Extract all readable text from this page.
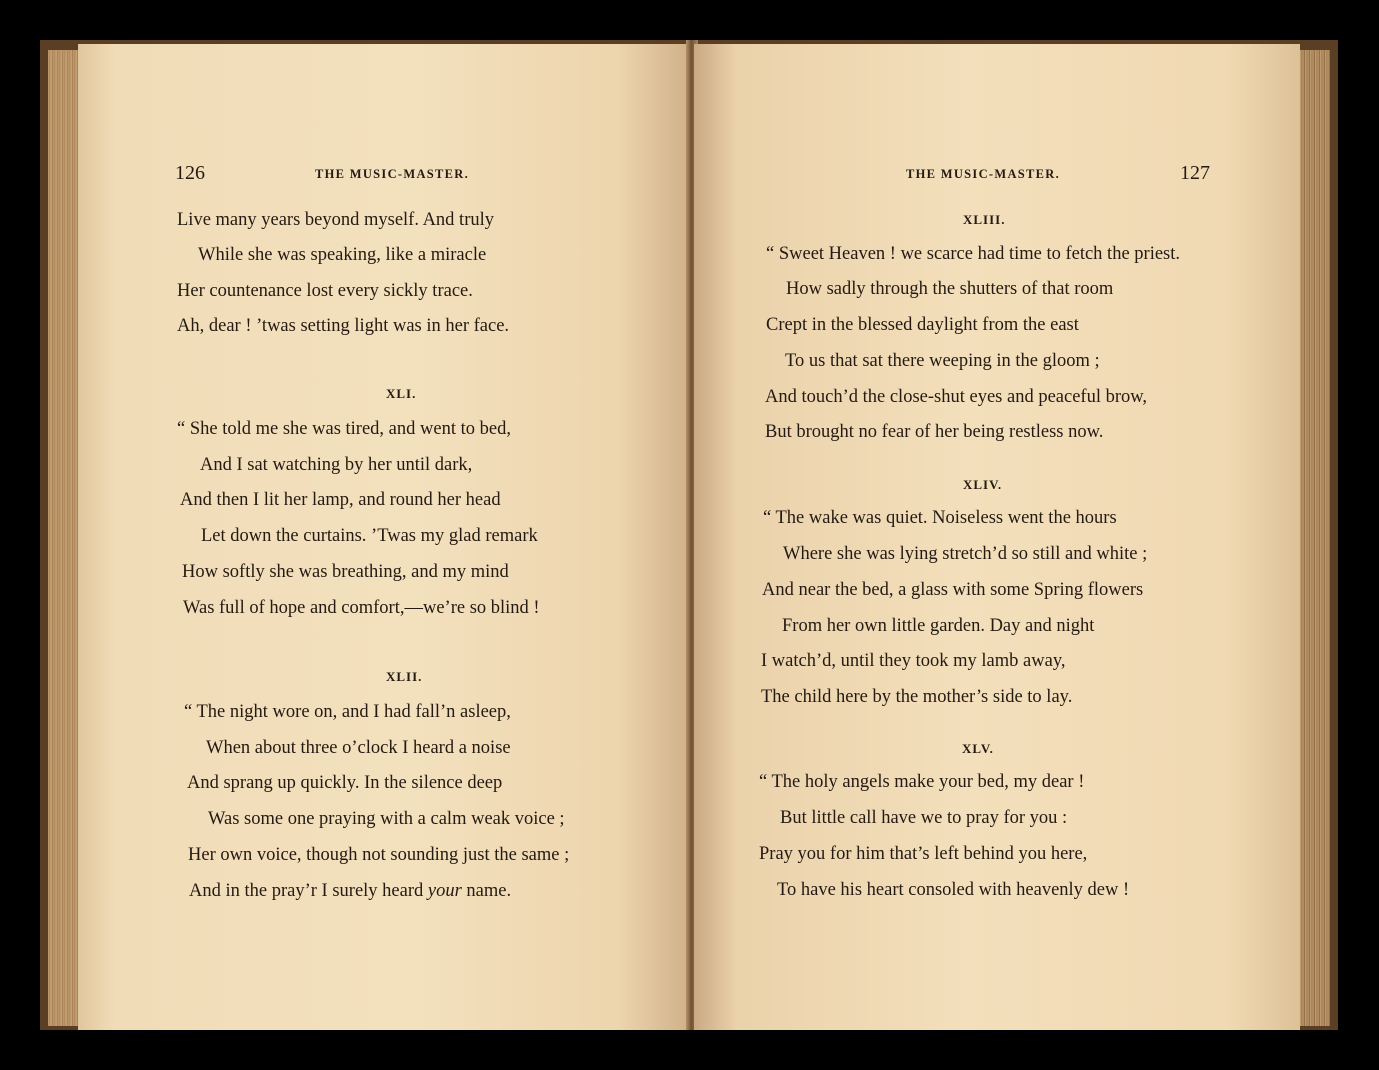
126	THE MUSIC-MASTER.
Live many years beyond myself. And truly
While she was speaking, like a miracle
Her countenance lost every sickly trace.
Ah, dear ! ’twas setting light was in her face.
XLI.
“ She told me she was tired, and went to bed,
And I sat watching by her until dark,
And then I lit her lamp, and round her head
Let down the curtains. ’Twas my glad remark
How softly she was breathing, and my mind
Was full of hope and comfort,—we’re so blind !
XLII.
“ The night wore on, and I had fall’n asleep,
When about three o’clock I heard a noise
And sprang up quickly. In the silence deep
Was some one praying with a calm weak voice ;
Her own voice, though not sounding just the same ;
And in the pray’r I surely heard your name.
THE MUSIC-MASTER.	127
XLIII.
“ Sweet Heaven ! we scarce had time to fetch the priest.
How sadly through the shutters of that room
Crept in the blessed daylight from the east
To us that sat there weeping in the gloom ;
And touch’d the close-shut eyes and peaceful brow,
But brought no fear of her being restless now.
XLIV.
“ The wake was quiet. Noiseless went the hours
Where she was lying stretch’d so still and white ;
And near the bed, a glass with some Spring flowers
From her own little garden. Day and night
I watch’d, until they took my lamb away,
The child here by the mother’s side to lay.
XLV.
“ The holy angels make your bed, my dear !
But little call have we to pray for you :
Pray you for him that’s left behind you here,
To have his heart consoled with heavenly dew !
